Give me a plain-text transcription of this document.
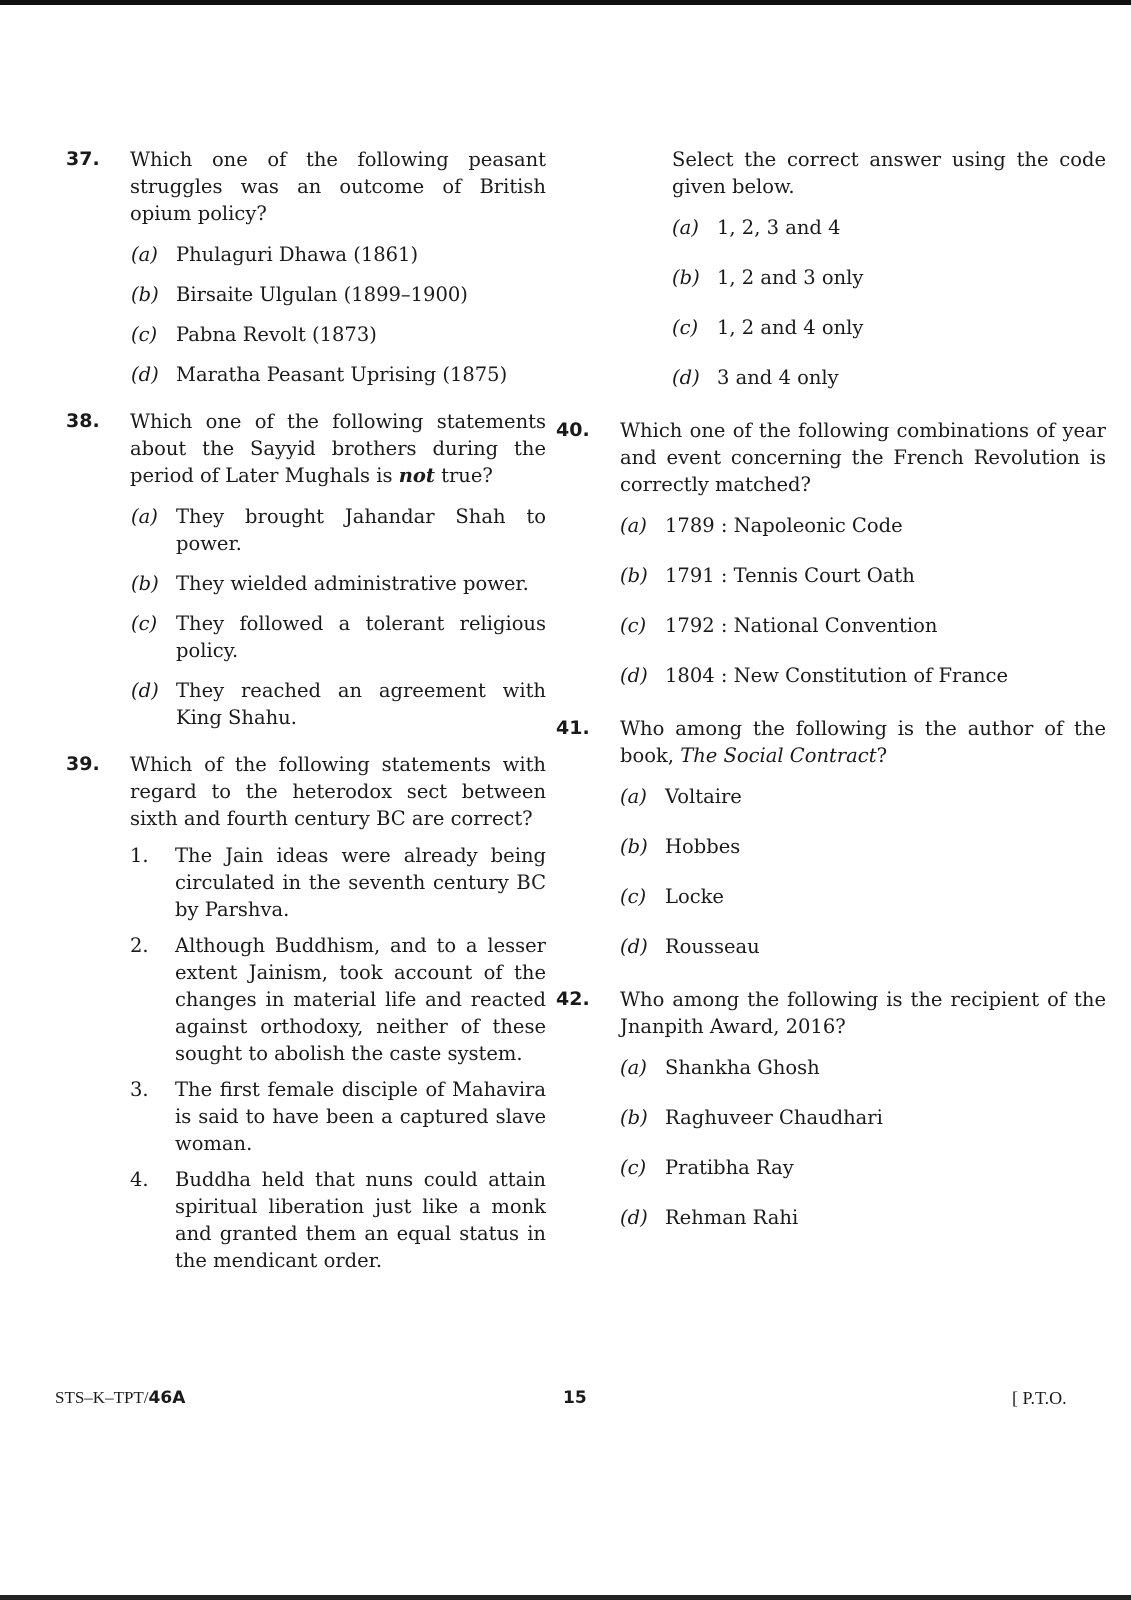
37. Which one of the following peasant struggles was an outcome of British opium policy?
(a) Phulaguri Dhawa (1861)
(b) Birsaite Ulgulan (1899–1900)
(c) Pabna Revolt (1873)
(d) Maratha Peasant Uprising (1875)
38. Which one of the following statements about the Sayyid brothers during the period of Later Mughals is not true?
(a) They brought Jahandar Shah to power.
(b) They wielded administrative power.
(c) They followed a tolerant religious policy.
(d) They reached an agreement with King Shahu.
39. Which of the following statements with regard to the heterodox sect between sixth and fourth century BC are correct?
1. The Jain ideas were already being circulated in the seventh century BC by Parshva.
2. Although Buddhism, and to a lesser extent Jainism, took account of the changes in material life and reacted against orthodoxy, neither of these sought to abolish the caste system.
3. The first female disciple of Mahavira is said to have been a captured slave woman.
4. Buddha held that nuns could attain spiritual liberation just like a monk and granted them an equal status in the mendicant order.
Select the correct answer using the code given below.
(a) 1, 2, 3 and 4
(b) 1, 2 and 3 only
(c) 1, 2 and 4 only
(d) 3 and 4 only
40. Which one of the following combinations of year and event concerning the French Revolution is correctly matched?
(a) 1789 : Napoleonic Code
(b) 1791 : Tennis Court Oath
(c) 1792 : National Convention
(d) 1804 : New Constitution of France
41. Who among the following is the author of the book, The Social Contract?
(a) Voltaire
(b) Hobbes
(c) Locke
(d) Rousseau
42. Who among the following is the recipient of the Jnanpith Award, 2016?
(a) Shankha Ghosh
(b) Raghuveer Chaudhari
(c) Pratibha Ray
(d) Rehman Rahi
STS–K–TPT/46A	15	[ P.T.O.
